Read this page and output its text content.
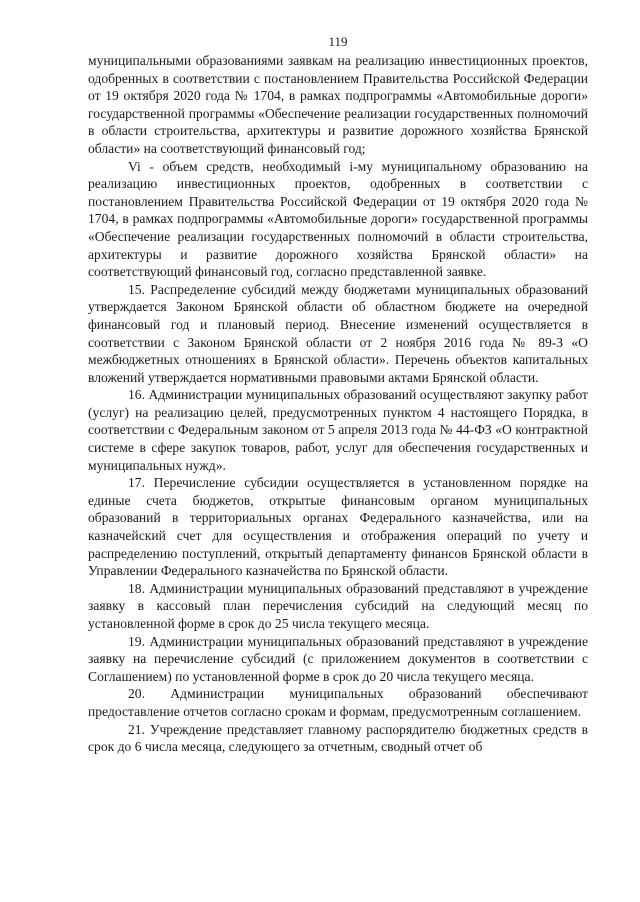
119

муниципальными образованиями заявкам на реализацию инвестиционных проектов, одобренных в соответствии с постановлением Правительства Российской Федерации от 19 октября 2020 года № 1704, в рамках подпрограммы «Автомобильные дороги» государственной программы «Обеспечение реализации государственных полномочий в области строительства, архитектуры и развитие дорожного хозяйства Брянской области» на соответствующий финансовый год;

Vi - объем средств, необходимый i-му муниципальному образованию на реализацию инвестиционных проектов, одобренных в соответствии с постановлением Правительства Российской Федерации от 19 октября 2020 года № 1704, в рамках подпрограммы «Автомобильные дороги» государственной программы «Обеспечение реализации государственных полномочий в области строительства, архитектуры и развитие дорожного хозяйства Брянской области» на соответствующий финансовый год, согласно представленной заявке.

15. Распределение субсидий между бюджетами муниципальных образований утверждается Законом Брянской области об областном бюджете на очередной финансовый год и плановый период. Внесение изменений осуществляется в соответствии с Законом Брянской области от 2 ноября 2016 года № 89-З «О межбюджетных отношениях в Брянской области». Перечень объектов капитальных вложений утверждается нормативными правовыми актами Брянской области.

16. Администрации муниципальных образований осуществляют закупку работ (услуг) на реализацию целей, предусмотренных пунктом 4 настоящего Порядка, в соответствии с Федеральным законом от 5 апреля 2013 года № 44-ФЗ «О контрактной системе в сфере закупок товаров, работ, услуг для обеспечения государственных и муниципальных нужд».

17. Перечисление субсидии осуществляется в установленном порядке на единые счета бюджетов, открытые финансовым органом муниципальных образований в территориальных органах Федерального казначейства, или на казначейский счет для осуществления и отображения операций по учету и распределению поступлений, открытый департаменту финансов Брянской области в Управлении Федерального казначейства по Брянской области.

18. Администрации муниципальных образований представляют в учреждение заявку в кассовый план перечисления субсидий на следующий месяц по установленной форме в срок до 25 числа текущего месяца.

19. Администрации муниципальных образований представляют в учреждение заявку на перечисление субсидий (с приложением документов в соответствии с Соглашением) по установленной форме в срок до 20 числа текущего месяца.

20. Администрации муниципальных образований обеспечивают предоставление отчетов согласно срокам и формам, предусмотренным соглашением.

21. Учреждение представляет главному распорядителю бюджетных средств в срок до 6 числа месяца, следующего за отчетным, сводный отчет об
